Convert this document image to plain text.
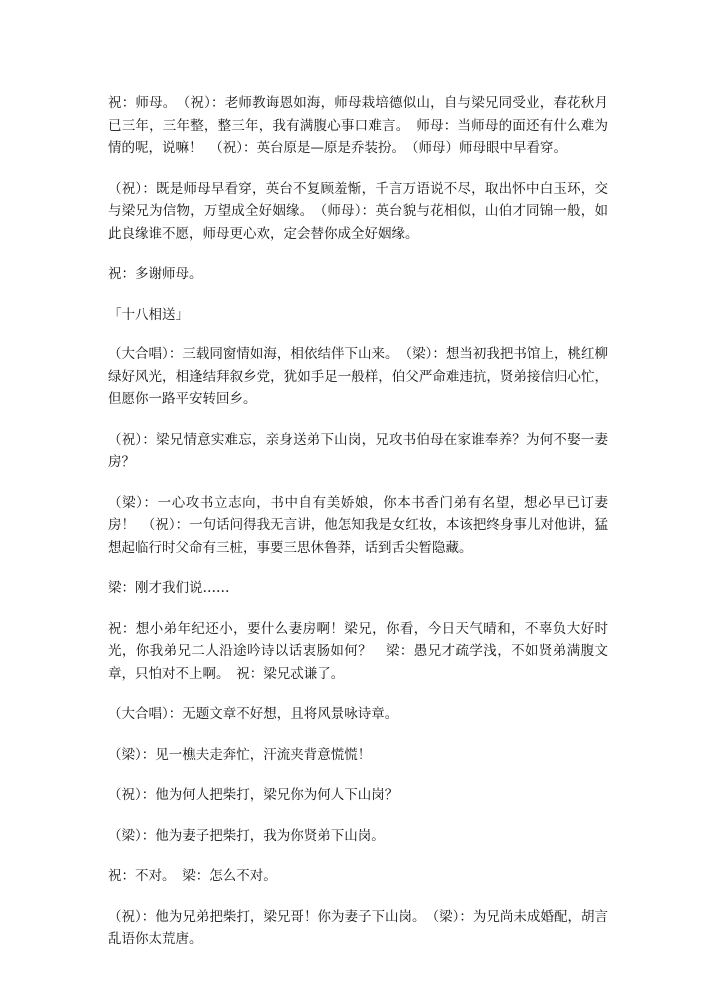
祝：师母。　（祝）：老师教诲恩如海，师母栽培德似山，自与梁兄同受业，春花秋月已三年，三年整，整三年，我有满腹心事口难言。　师母：当师母的面还有什么难为情的呢，说嘛！　（祝）：英台原是—原是乔装扮。　（师母）师母眼中早看穿。

（祝）：既是师母早看穿，英台不复顾羞惭，千言万语说不尽，取出怀中白玉环，交与梁兄为信物，万望成全好姻缘。　（师母）：英台貌与花相似，山伯才同锦一般，如此良缘谁不愿，师母更心欢，定会替你成全好姻缘。

祝：多谢师母。

「十八相送」

（大合唱）：三载同窗情如海，相依结伴下山来。　（梁）：想当初我把书馆上，桃红柳绿好风光，相逢结拜叙乡党，犹如手足一般样，伯父严命难违抗，贤弟接信归心忙，但愿你一路平安转回乡。

（祝）：梁兄情意实难忘，亲身送弟下山岗，兄攻书伯母在家谁奉养？为何不娶一妻房？

（梁）：一心攻书立志向，书中自有美娇娘，你本书香门弟有名望，想必早已订妻房！　（祝）：一句话问得我无言讲，他怎知我是女红妆，本该把终身事儿对他讲，猛想起临行时父命有三桩，事要三思休鲁莽，话到舌尖暂隐藏。

梁：刚才我们说……

祝：想小弟年纪还小，要什么妻房啊！梁兄，你看，今日天气晴和，不辜负大好时光，你我弟兄二人沿途吟诗以话衷肠如何？　梁：愚兄才疏学浅，不如贤弟满腹文章，只怕对不上啊。　祝：梁兄忒谦了。

（大合唱）：无题文章不好想，且将风景咏诗章。

（梁）：见一樵夫走奔忙，汗流夹背意慌慌！

（祝）：他为何人把柴打，梁兄你为何人下山岗？

（梁）：他为妻子把柴打，我为你贤弟下山岗。

祝：不对。　梁：怎么不对。

（祝）：他为兄弟把柴打，梁兄哥！你为妻子下山岗。　（梁）：为兄尚未成婚配，胡言乱语你太荒唐。
